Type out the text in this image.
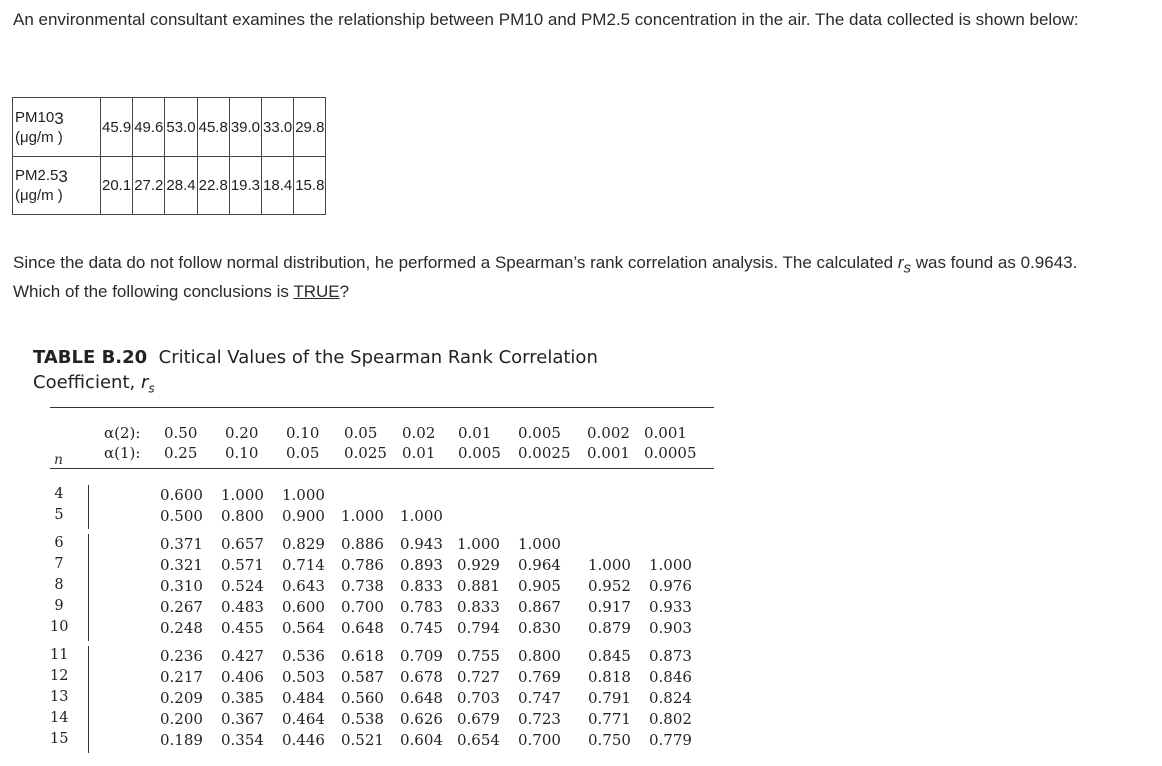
An environmental consultant examines the relationship between PM10 and PM2.5 concentration in the air. The data collected is shown below:
$PM10^3$
(μg/m )	45.9	49.6	53.0	45.8	39.0	33.0	29.8
$PM2.5^3$
(μg/m )	20.1	27.2	28.4	22.8	19.3	18.4	15.8
Since the data do not follow normal distribution, he performed a Spearman’s rank correlation analysis. The calculated $r_s$ was found as 0.9643. Which of the following conclusions is TRUE?
TABLE B.20 Critical Values of the Spearman Rank Correlation
Coefficient, $r_s$
n
α(2): 0.50 0.20 0.10 0.05 0.02 0.01 0.005 0.002 0.001
α(1): 0.25 0.10 0.05 0.025 0.01 0.005 0.0025 0.001 0.0005
4	0.600	1.000	1.000
5	0.500	0.800	0.900	1.000	1.000
6	0.371	0.657	0.829	0.886	0.943 1.000	1.000
7	0.321	0.571	0.714	0.786	0.893 0.929	0.964	1.000	1.000
8	0.310	0.524	0.643	0.738	0.833 0.881	0.905	0.952	0.976
9	0.267	0.483	0.600	0.700	0.783 0.833	0.867	0.917	0.933
10	0.248	0.455	0.564	0.648	0.745 0.794	0.830	0.879	0.903
11	0.236	0.427	0.536	0.618	0.709 0.755	0.800	0.845	0.873
12	0.217	0.406	0.503	0.587	0.678 0.727	0.769	0.818	0.846
13	0.209	0.385	0.484	0.560	0.648 0.703	0.747	0.791	0.824
14	0.200	0.367	0.464	0.538	0.626 0.679	0.723	0.771	0.802
15	0.189	0.354	0.446	0.521	0.604 0.654	0.700	0.750	0.779
